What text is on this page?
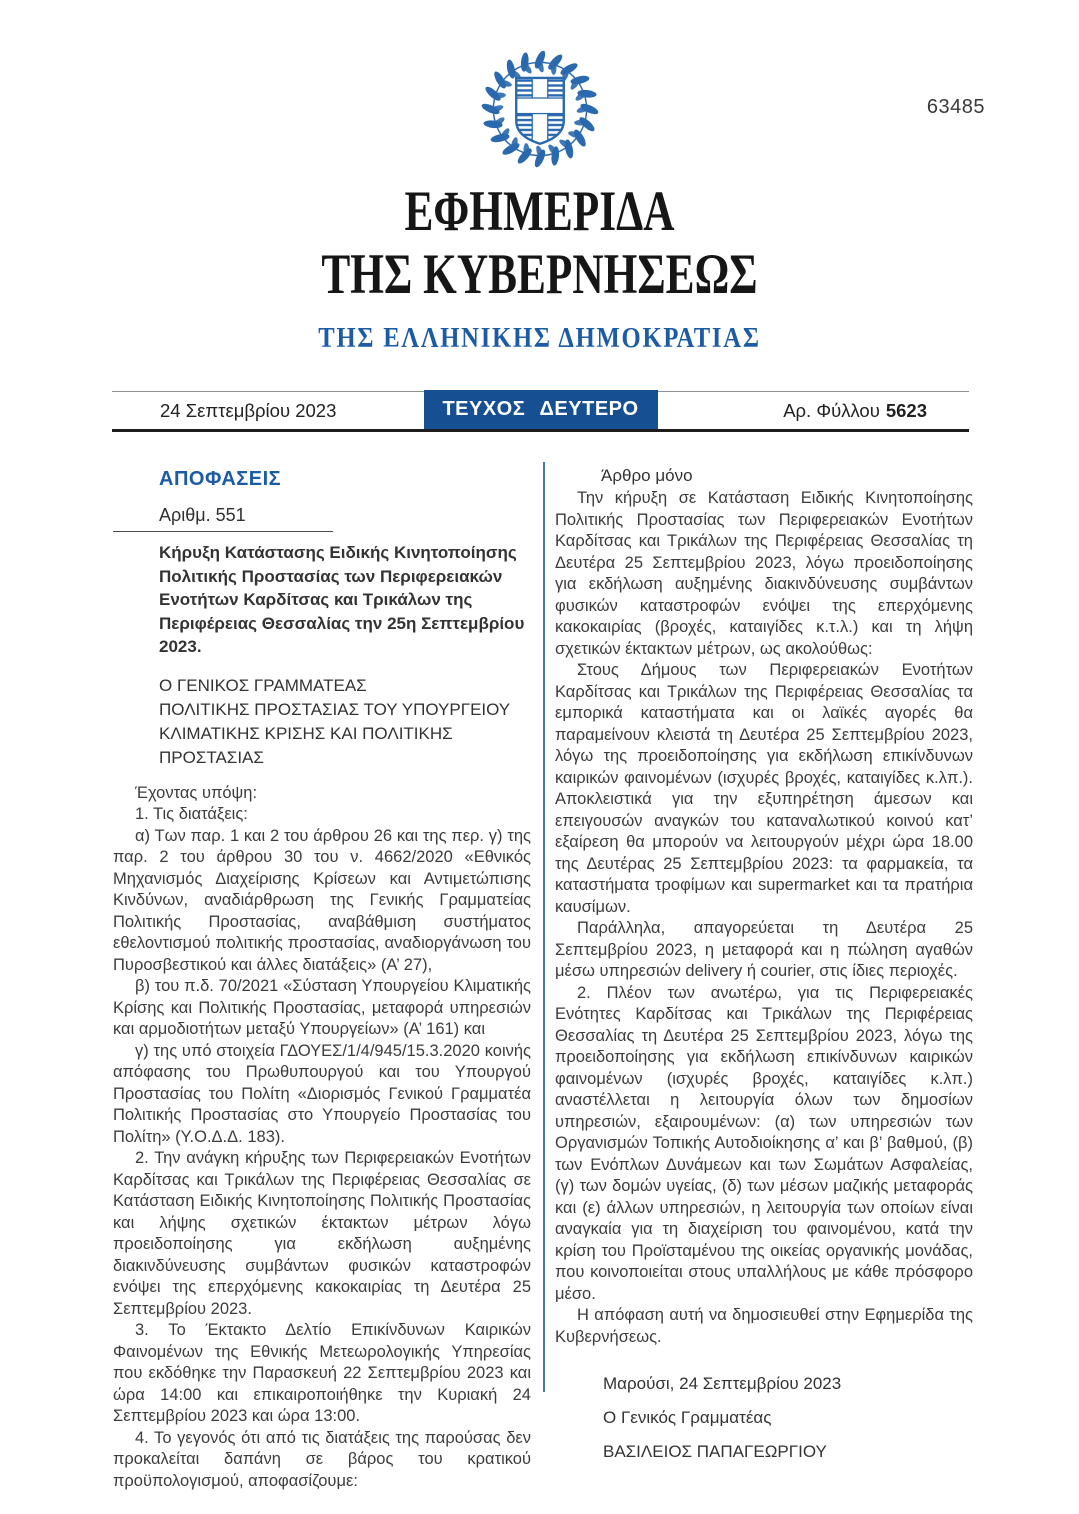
63485
ΕΦΗΜΕΡΙΔΑ
ΤΗΣ ΚΥΒΕΡΝΗΣΕΩΣ
ΤΗΣ ΕΛΛΗΝΙΚΗΣ ΔΗΜΟΚΡΑΤΙΑΣ
24 Σεπτεμβρίου 2023	ΤΕΥΧΟΣ ΔΕΥΤΕΡΟ	Αρ. Φύλλου 5623
ΑΠΟΦΑΣΕΙΣ
Αριθμ. 551
Κήρυξη Κατάστασης Ειδικής Κινητοποίησης Πολιτικής Προστασίας των Περιφερειακών Ενοτήτων Καρδίτσας και Τρικάλων της Περιφέρειας Θεσσαλίας την 25η Σεπτεμβρίου 2023.
Ο ΓΕΝΙΚΟΣ ΓΡΑΜΜΑΤΕΑΣ
ΠΟΛΙΤΙΚΗΣ ΠΡΟΣΤΑΣΙΑΣ ΤΟΥ ΥΠΟΥΡΓΕΙΟΥ
ΚΛΙΜΑΤΙΚΗΣ ΚΡΙΣΗΣ ΚΑΙ ΠΟΛΙΤΙΚΗΣ
ΠΡΟΣΤΑΣΙΑΣ

Έχοντας υπόψη:

1. Τις διατάξεις:

α) Των παρ. 1 και 2 του άρθρου 26 και της περ. γ) της παρ. 2 του άρθρου 30 του ν. 4662/2020 «Εθνικός Μηχανισμός Διαχείρισης Κρίσεων και Αντιμετώπισης Κινδύνων, αναδιάρθρωση της Γενικής Γραμματείας Πολιτικής Προστασίας, αναβάθμιση συστήματος εθελοντισμού πολιτικής προστασίας, αναδιοργάνωση του Πυροσβεστικού και άλλες διατάξεις» (Α’ 27),

β) του π.δ. 70/2021 «Σύσταση Υπουργείου Κλιματικής Κρίσης και Πολιτικής Προστασίας, μεταφορά υπηρεσιών και αρμοδιοτήτων μεταξύ Υπουργείων» (Α’ 161) και

γ) της υπό στοιχεία ΓΔΟΥΕΣ/1/4/945/15.3.2020 κοινής απόφασης του Πρωθυπουργού και του Υπουργού Προστασίας του Πολίτη «Διορισμός Γενικού Γραμματέα Πολιτικής Προστασίας στο Υπουργείο Προστασίας του Πολίτη» (Υ.Ο.Δ.Δ. 183).

2. Την ανάγκη κήρυξης των Περιφερειακών Ενοτήτων Καρδίτσας και Τρικάλων της Περιφέρειας Θεσσαλίας σε Κατάσταση Ειδικής Κινητοποίησης Πολιτικής Προστασίας και λήψης σχετικών έκτακτων μέτρων λόγω προειδοποίησης για εκδήλωση αυξημένης διακινδύνευσης συμβάντων φυσικών καταστροφών ενόψει της επερχόμενης κακοκαιρίας τη Δευτέρα 25 Σεπτεμβρίου 2023.

3. Το Έκτακτο Δελτίο Επικίνδυνων Καιρικών Φαινομένων της Εθνικής Μετεωρολογικής Υπηρεσίας που εκδόθηκε την Παρασκευή 22 Σεπτεμβρίου 2023 και ώρα 14:00 και επικαιροποιήθηκε την Κυριακή 24 Σεπτεμβρίου 2023 και ώρα 13:00.

4. Το γεγονός ότι από τις διατάξεις της παρούσας δεν προκαλείται δαπάνη σε βάρος του κρατικού προϋπολογισμού, αποφασίζουμε:

Άρθρο μόνο

Την κήρυξη σε Κατάσταση Ειδικής Κινητοποίησης Πολιτικής Προστασίας των Περιφερειακών Ενοτήτων Καρδίτσας και Τρικάλων της Περιφέρειας Θεσσαλίας τη Δευτέρα 25 Σεπτεμβρίου 2023, λόγω προειδοποίησης για εκδήλωση αυξημένης διακινδύνευσης συμβάντων φυσικών καταστροφών ενόψει της επερχόμενης κακοκαιρίας (βροχές, καταιγίδες κ.τ.λ.) και τη λήψη σχετικών έκτακτων μέτρων, ως ακολούθως:

Στους Δήμους των Περιφερειακών Ενοτήτων Καρδίτσας και Τρικάλων της Περιφέρειας Θεσσαλίας τα εμπορικά καταστήματα και οι λαϊκές αγορές θα παραμείνουν κλειστά τη Δευτέρα 25 Σεπτεμβρίου 2023, λόγω της προειδοποίησης για εκδήλωση επικίνδυνων καιρικών φαινομένων (ισχυρές βροχές, καταιγίδες κ.λπ.). Αποκλειστικά για την εξυπηρέτηση άμεσων και επειγουσών αναγκών του καταναλωτικού κοινού κατ’ εξαίρεση θα μπορούν να λειτουργούν μέχρι ώρα 18.00 της Δευτέρας 25 Σεπτεμβρίου 2023: τα φαρμακεία, τα καταστήματα τροφίμων και supermarket και τα πρατήρια καυσίμων.

Παράλληλα, απαγορεύεται τη Δευτέρα 25 Σεπτεμβρίου 2023, η μεταφορά και η πώληση αγαθών μέσω υπηρεσιών delivery ή courier, στις ίδιες περιοχές.

2. Πλέον των ανωτέρω, για τις Περιφερειακές Ενότητες Καρδίτσας και Τρικάλων της Περιφέρειας Θεσσαλίας τη Δευτέρα 25 Σεπτεμβρίου 2023, λόγω της προειδοποίησης για εκδήλωση επικίνδυνων καιρικών φαινομένων (ισχυρές βροχές, καταιγίδες κ.λπ.) αναστέλλεται η λειτουργία όλων των δημοσίων υπηρεσιών, εξαιρουμένων: (α) των υπηρεσιών των Οργανισμών Τοπικής Αυτοδιοίκησης α’ και β’ βαθμού, (β) των Ενόπλων Δυνάμεων και των Σωμάτων Ασφαλείας, (γ) των δομών υγείας, (δ) των μέσων μαζικής μεταφοράς και (ε) άλλων υπηρεσιών, η λειτουργία των οποίων είναι αναγκαία για τη διαχείριση του φαινομένου, κατά την κρίση του Προϊσταμένου της οικείας οργανικής μονάδας, που κοινοποιείται στους υπαλλήλους με κάθε πρόσφορο μέσο.

Η απόφαση αυτή να δημοσιευθεί στην Εφημερίδα της Κυβερνήσεως.

Μαρούσι, 24 Σεπτεμβρίου 2023
Ο Γενικός Γραμματέας
ΒΑΣΙΛΕΙΟΣ ΠΑΠΑΓΕΩΡΓΙΟΥ
